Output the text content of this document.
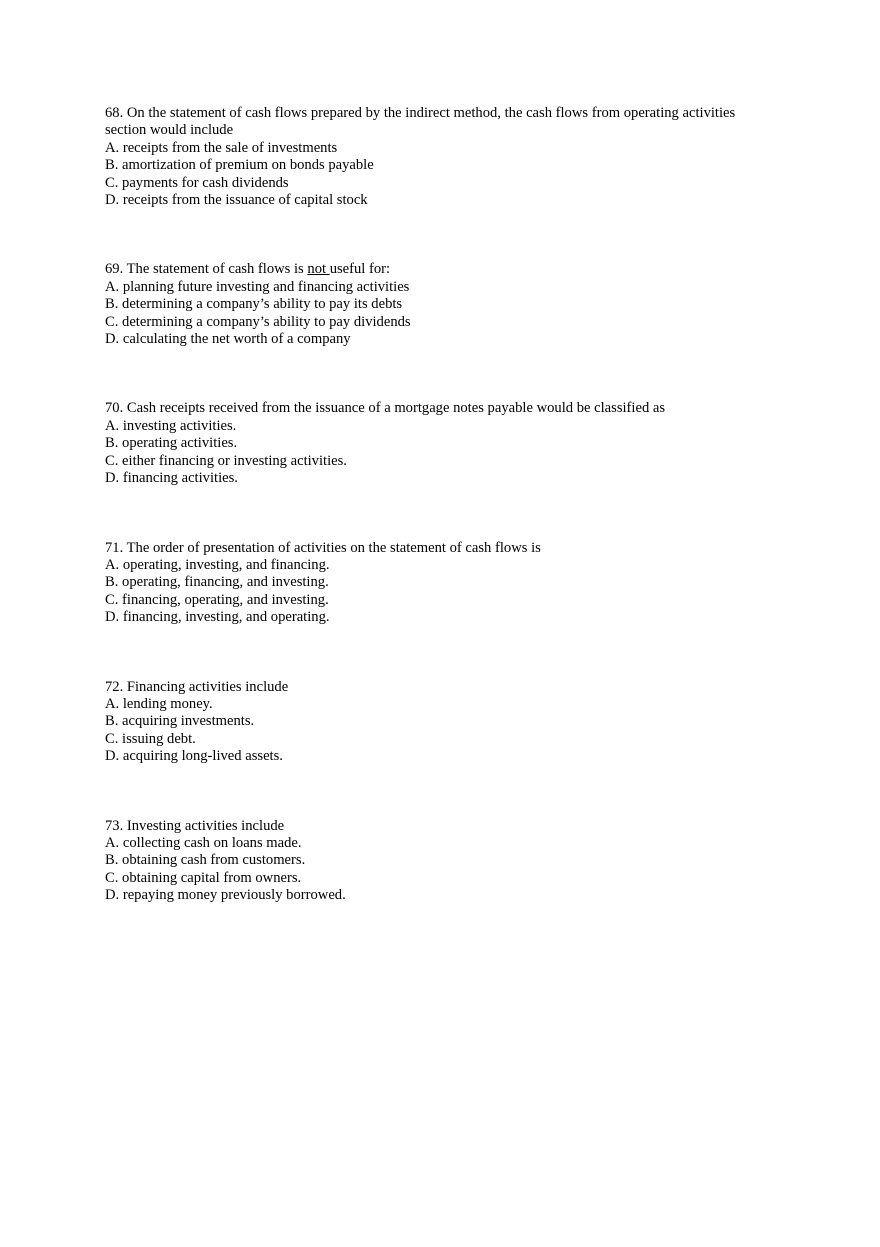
68. On the statement of cash flows prepared by the indirect method, the cash flows from operating activities
section would include

A. receipts from the sale of investments

B. amortization of premium on bonds payable

C. payments for cash dividends

D. receipts from the issuance of capital stock

69. The statement of cash flows is not useful for:

A. planning future investing and financing activities

B. determining a company’s ability to pay its debts

C. determining a company’s ability to pay dividends

D. calculating the net worth of a company

70. Cash receipts received from the issuance of a mortgage notes payable would be classified as

A. investing activities.

B. operating activities.

C. either financing or investing activities.

D. financing activities.

71. The order of presentation of activities on the statement of cash flows is

A. operating, investing, and financing.

B. operating, financing, and investing.

C. financing, operating, and investing.

D. financing, investing, and operating.

72. Financing activities include

A. lending money.

B. acquiring investments.

C. issuing debt.

D. acquiring long-lived assets.

73. Investing activities include

A. collecting cash on loans made.

B. obtaining cash from customers.

C. obtaining capital from owners.

D. repaying money previously borrowed.
